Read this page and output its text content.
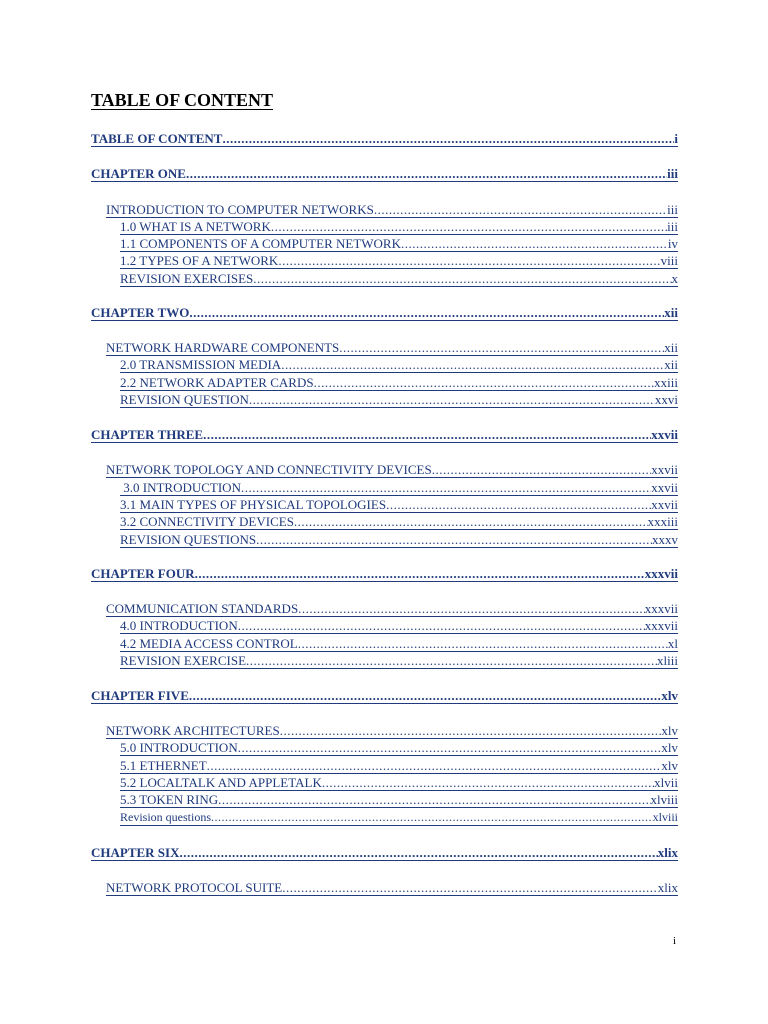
TABLE OF CONTENT
TABLE OF CONTENT .....	i
CHAPTER ONE .....	iii
INTRODUCTION TO COMPUTER NETWORKS .....	iii
1.0 WHAT IS A NETWORK .....	iii
1.1 COMPONENTS OF A COMPUTER NETWORK .....	iv
1.2 TYPES OF A NETWORK .....	viii
REVISION EXERCISES .....	x
CHAPTER TWO .....	xii
NETWORK HARDWARE COMPONENTS .....	xii
2.0 TRANSMISSION MEDIA .....	xii
2.2 NETWORK ADAPTER CARDS .....	xxiii
REVISION QUESTION .....	xxvi
CHAPTER THREE .....	xxvii
NETWORK TOPOLOGY AND CONNECTIVITY DEVICES .....	xxvii
3.0 INTRODUCTION .....	xxvii
3.1 MAIN TYPES OF PHYSICAL TOPOLOGIES .....	xxvii
3.2 CONNECTIVITY DEVICES .....	xxxiii
REVISION QUESTIONS .....	xxxv
CHAPTER FOUR .....	xxxvii
COMMUNICATION STANDARDS .....	xxxvii
4.0 INTRODUCTION .....	xxxvii
4.2 MEDIA ACCESS CONTROL .....	xl
REVISION EXERCISE .....	xliii
CHAPTER FIVE .....	xlv
NETWORK ARCHITECTURES .....	xlv
5.0 INTRODUCTION .....	xlv
5.1 ETHERNET .....	xlv
5.2 LOCALTALK AND APPLETALK .....	xlvii
5.3 TOKEN RING .....	xlviii
Revision questions .....	xlviii
CHAPTER SIX .....	xlix
NETWORK PROTOCOL SUITE .....	xlix
i
